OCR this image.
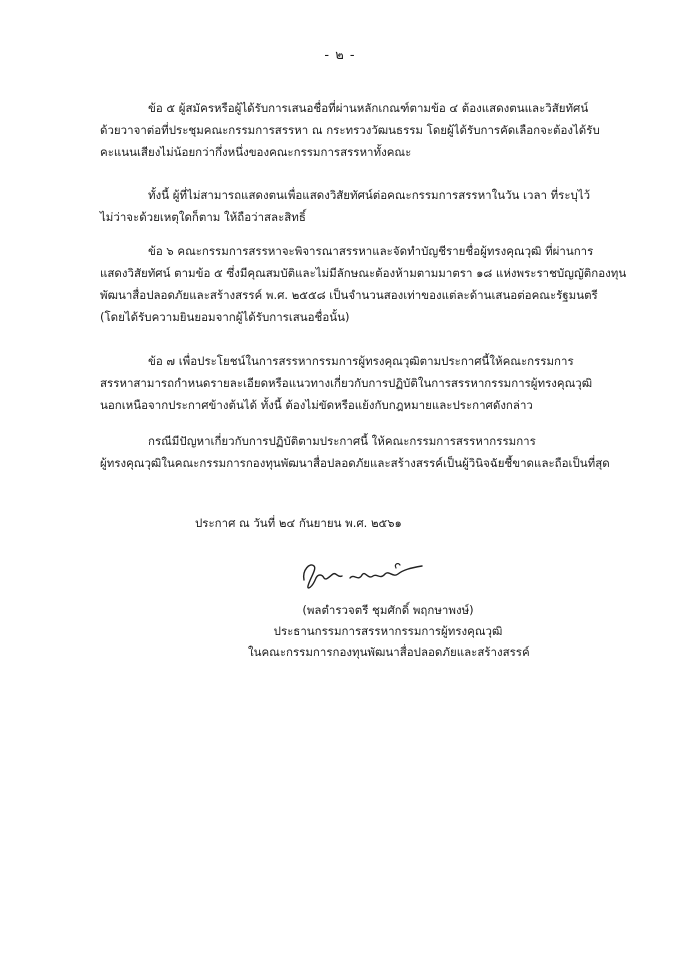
- ๒ -

ข้อ ๕ ผู้สมัครหรือผู้ได้รับการเสนอชื่อที่ผ่านหลักเกณฑ์ตามข้อ ๔ ต้องแสดงตนและวิสัยทัศน์
ด้วยวาจาต่อที่ประชุมคณะกรรมการสรรหา ณ กระทรวงวัฒนธรรม โดยผู้ได้รับการคัดเลือกจะต้องได้รับ
คะแนนเสียงไม่น้อยกว่ากึ่งหนึ่งของคณะกรรมการสรรหาทั้งคณะ

ทั้งนี้ ผู้ที่ไม่สามารถแสดงตนเพื่อแสดงวิสัยทัศน์ต่อคณะกรรมการสรรหาในวัน เวลา ที่ระบุไว้
ไม่ว่าจะด้วยเหตุใดก็ตาม ให้ถือว่าสละสิทธิ์

ข้อ ๖ คณะกรรมการสรรหาจะพิจารณาสรรหาและจัดทำบัญชีรายชื่อผู้ทรงคุณวุฒิ ที่ผ่านการ
แสดงวิสัยทัศน์ ตามข้อ ๕ ซึ่งมีคุณสมบัติและไม่มีลักษณะต้องห้ามตามมาตรา ๑๘ แห่งพระราชบัญญัติกองทุน
พัฒนาสื่อปลอดภัยและสร้างสรรค์ พ.ศ. ๒๕๕๘ เป็นจำนวนสองเท่าของแต่ละด้านเสนอต่อคณะรัฐมนตรี
(โดยได้รับความยินยอมจากผู้ได้รับการเสนอชื่อนั้น)

ข้อ ๗ เพื่อประโยชน์ในการสรรหากรรมการผู้ทรงคุณวุฒิตามประกาศนี้ให้คณะกรรมการ
สรรหาสามารถกำหนดรายละเอียดหรือแนวทางเกี่ยวกับการปฏิบัติในการสรรหากรรมการผู้ทรงคุณวุฒิ
นอกเหนือจากประกาศข้างต้นได้ ทั้งนี้ ต้องไม่ขัดหรือแย้งกับกฎหมายและประกาศดังกล่าว

กรณีมีปัญหาเกี่ยวกับการปฏิบัติตามประกาศนี้ ให้คณะกรรมการสรรหากรรมการ
ผู้ทรงคุณวุฒิในคณะกรรมการกองทุนพัฒนาสื่อปลอดภัยและสร้างสรรค์เป็นผู้วินิจฉัยชี้ขาดและถือเป็นที่สุด

ประกาศ ณ วันที่ ๒๔ กันยายน พ.ศ. ๒๕๖๑
(พลตำรวจตรี ชุมศักดิ์ พฤกษาพงษ์)
ประธานกรรมการสรรหากรรมการผู้ทรงคุณวุฒิ
ในคณะกรรมการกองทุนพัฒนาสื่อปลอดภัยและสร้างสรรค์
